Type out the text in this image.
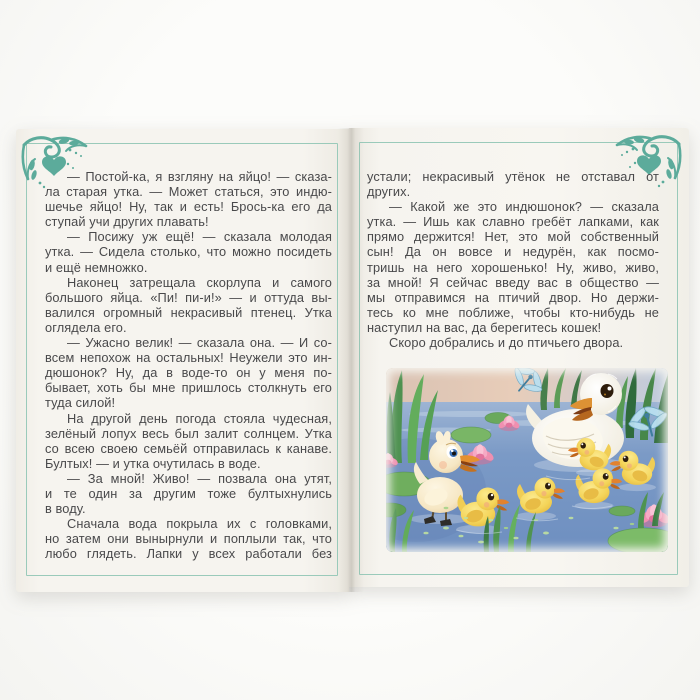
— Постой-ка, я взгляну на яйцо! — сказа-
ла старая утка. — Может статься, это индю-
шечье яйцо! Ну, так и есть! Брось-ка его да
ступай учи других плавать!
— Посижу уж ещё! — сказала молодая
утка. — Сидела столько, что можно посидеть
и ещё немножко.
Наконец затрещала скорлупа и самого
большого яйца. «Пи! пи-и!» — и оттуда вы-
валился огромный некрасивый птенец. Утка
оглядела его.
— Ужасно велик! — сказала она. — И со-
всем непохож на остальных! Неужели это ин-
дюшонок? Ну, да в воде-то он у меня по-
бывает, хоть бы мне пришлось столкнуть его
туда силой!
На другой день погода стояла чудесная,
зелёный лопух весь был залит солнцем. Утка
со всею своею семьёй отправилась к канаве.
Бултых! — и утка очутилась в воде.
— За мной! Живо! — позвала она утят,
и те один за другим тоже бултыхнулись
в воду.
Сначала вода покрыла их с головками,
но затем они вынырнули и поплыли так, что
любо глядеть. Лапки у всех работали без
устали; некрасивый утёнок не отставал от
других.
— Какой же это индюшонок? — сказала
утка. — Ишь как славно гребёт лапками, как
прямо держится! Нет, это мой собственный
сын! Да он вовсе и недурён, как посмо-
тришь на него хорошенько! Ну, живо, живо,
за мной! Я сейчас введу вас в общество —
мы отправимся на птичий двор. Но держи-
тесь ко мне поближе, чтобы кто-нибудь не
наступил на вас, да берегитесь кошек!
Скоро добрались и до птичьего двора.
